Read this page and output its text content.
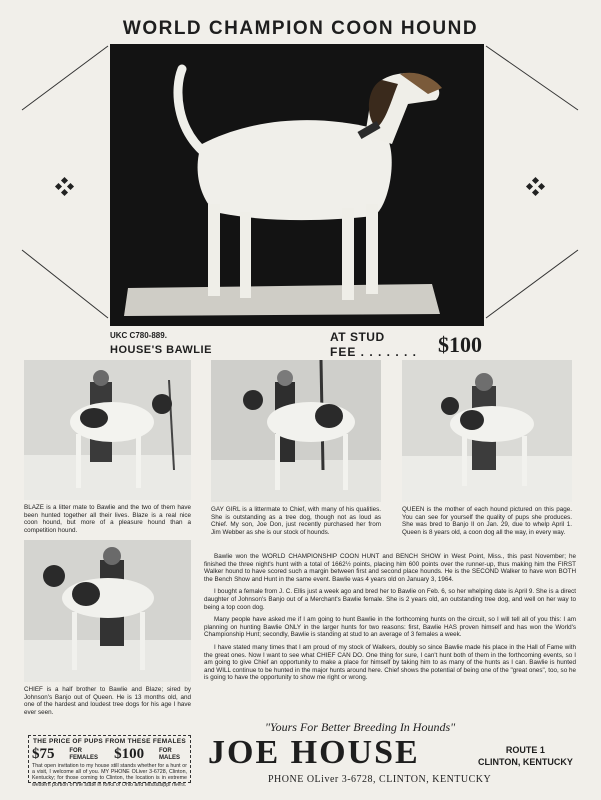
WORLD CHAMPION COON HOUND
UKC C780-889.
HOUSE'S BAWLIE
AT STUD
FEE . . . . . . . $100
BLAZE is a litter mate to Bawlie and the two of them have been hunted together all their lives. Blaze is a real nice coon hound, but more of a pleasure hound than a competition hound.
GAY GIRL is a littermate to Chief, with many of his qualities. She is outstanding as a tree dog, though not as loud as Chief. My son, Joe Don, just recently purchased her from Jim Webber as she is our stock of hounds.
QUEEN is the mother of each hound pictured on this page. You can see for yourself the quality of pups she produces. She was bred to Banjo II on Jan. 29, due to whelp April 1. Queen is 8 years old, a coon dog all the way, in every way.
CHIEF is a half brother to Bawlie and Blaze; sired by Johnson's Banjo out of Queen. He is 13 months old, and one of the hardest and loudest tree dogs for his age I have ever seen.

Bawlie won the WORLD CHAMPIONSHIP COON HUNT and BENCH SHOW in West Point, Miss., this past November; he finished the three night's hunt with a total of 1662½ points, placing him 600 points over the runner-up, thus making him the FIRST Walker hound to have scored such a margin between first and second place hounds. He is the SECOND Walker to have won BOTH the Bench Show and Hunt in the same event. Bawlie was 4 years old on January 3, 1964.

I bought a female from J. C. Ellis just a week ago and bred her to Bawlie on Feb. 6, so her whelping date is April 9. She is a direct daughter of Johnson's Banjo out of a Merchant's Bawlie female. She is 2 years old, an outstanding tree dog, and well on her way to being a top coon dog.

Many people have asked me if I am going to hunt Bawlie in the forthcoming hunts on the circuit, so I will tell all of you this: I am planning on hunting Bawlie ONLY in the larger hunts for two reasons: first, Bawlie HAS proven himself and has won the World's Championship Hunt; secondly, Bawlie is standing at stud to an average of 3 females a week.

I have stated many times that I am proud of my stock of Walkers, doubly so since Bawlie made his place in the Hall of Fame with the great ones. Now I want to see what CHIEF CAN DO. One thing for sure, I can't hunt both of them in the forthcoming events, so I am going to give Chief an opportunity to make a place for himself by taking him to as many of the hunts as I can. Bawlie is hunted and WILL continue to be hunted in the major hunts around here. Chief shows the potential of being one of the "great ones", too, so he is going to have the opportunity to show me right or wrong.

THE PRICE OF PUPS FROM THESE FEMALES
$75 FOR FEMALES $100 FOR MALES
That open invitation to my house still stands whether for a hunt or a visit, I welcome all of you. MY PHONE OLiver 3-6728, Clinton, Kentucky; for those coming to Clinton, the location is in extreme western portion of the state in forks of Ohio and Mississippi rivers.
"Yours For Better Breeding In Hounds"
JOE HOUSE	ROUTE 1
CLINTON, KENTUCKY
PHONE OLiver 3-6728, CLINTON, KENTUCKY
